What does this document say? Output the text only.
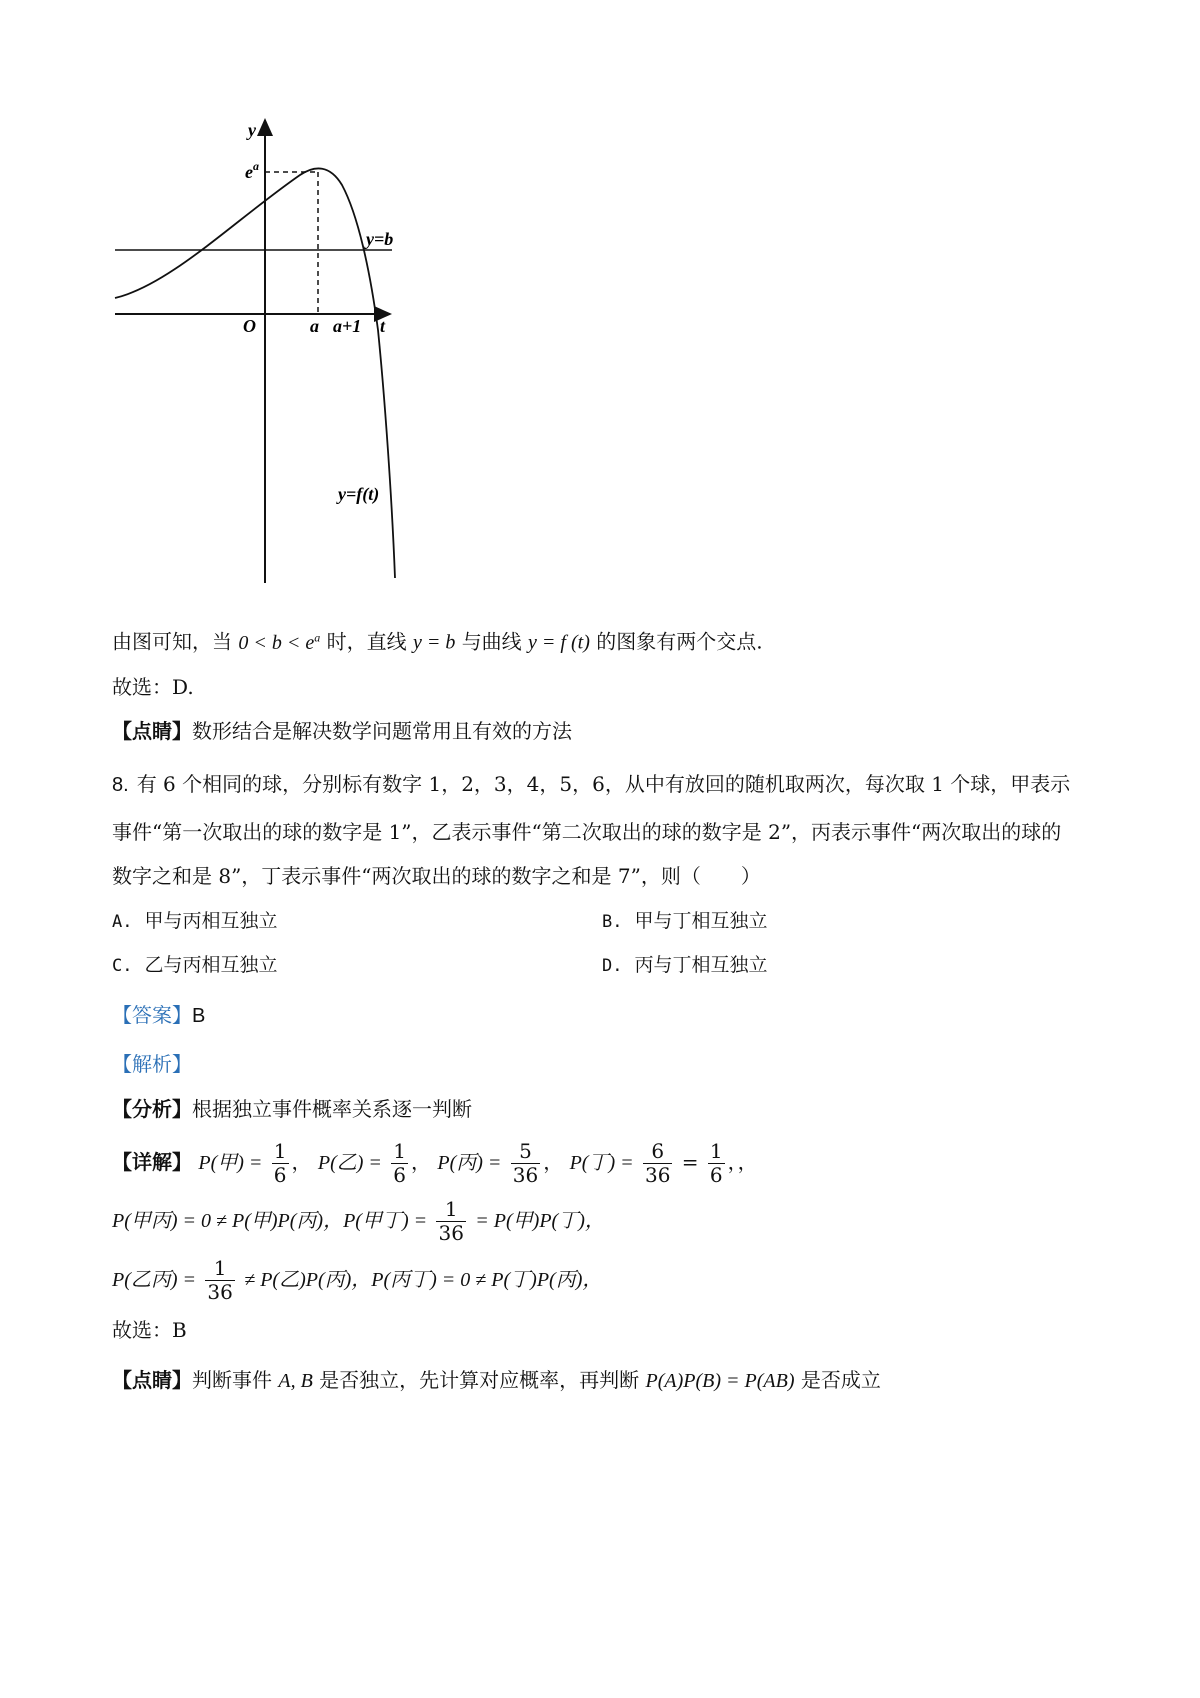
y
$e^a$
O	a a+1 t
y=b
y=f(t)
由图可知，当 $0 < b < e^a$ 时，直线 y = b 与曲线 y = f (t) 的图象有两个交点.
故选：D.
【点睛】数形结合是解决数学问题常用且有效的方法
8. 有 6 个相同的球，分别标有数字 1，2，3，4，5，6，从中有放回的随机取两次，每次取 1 个球，甲表示
事件“第一次取出的球的数字是 1”，乙表示事件“第二次取出的球的数字是 2”，丙表示事件“两次取出的球的
数字之和是 8”，丁表示事件“两次取出的球的数字之和是 7”，则（　　）
A. 甲与丙相互独立	B. 甲与丁相互独立
C. 乙与丙相互独立	D. 丙与丁相互独立
【答案】B
【解析】
【分析】根据独立事件概率关系逐一判断
【详解】 P(甲) = $\frac{1}{6}$ ， P(乙) = $\frac{1}{6}$ ， P(丙) = $\frac{5}{36}$ ， P(丁) = $\frac{6}{36} = \frac{1}{6}$ ，，
P(甲丙) = 0 ≠ P(甲)P(丙)，P(甲丁) = $\frac{1}{36} = P$(甲)P(丁)，
P(乙丙) = $\frac{1}{36} \ne P$(乙)P(丙)，P(丙丁) = 0 ≠ P(丁)P(丙)，
故选：B
【点睛】判断事件 A, B 是否独立，先计算对应概率，再判断 P(A)P(B) = P(AB) 是否成立
